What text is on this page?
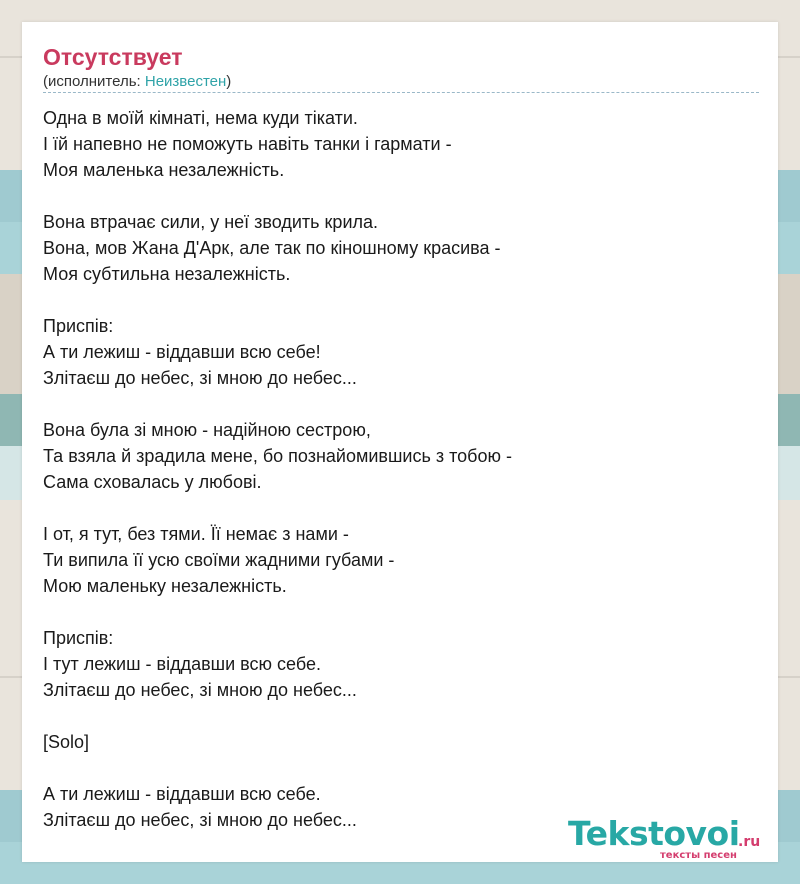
Отсутствует
(исполнитель: Неизвестен)
Одна в моїй кімнаті, нема куди тікати.
І їй напевно не поможуть навіть танки і гармати -
Моя маленька незалежність.
Вона втрачає сили, у неї зводить крила.
Вона, мов Жана Д'Арк, але так по кіношному красива -
Моя субтильна незалежність.
Приспів:
А ти лежиш - віддавши всю себе!
Злітаєш до небес, зі мною до небес...
Вона була зі мною - надійною сестрою,
Та взяла й зрадила мене, бо познайомившись з тобою -
Сама сховалась у любові.
І от, я тут, без тями. Її немає з нами -
Ти випила її усю своїми жадними губами -
Мою маленьку незалежність.
Приспів:
І тут лежиш - віддавши всю себе.
Злітаєш до небес, зі мною до небес...
[Solo]
А ти лежиш - віддавши всю себе.
Злітаєш до небес, зі мною до небес...	Tekstovoi
.ru
тексты песен
